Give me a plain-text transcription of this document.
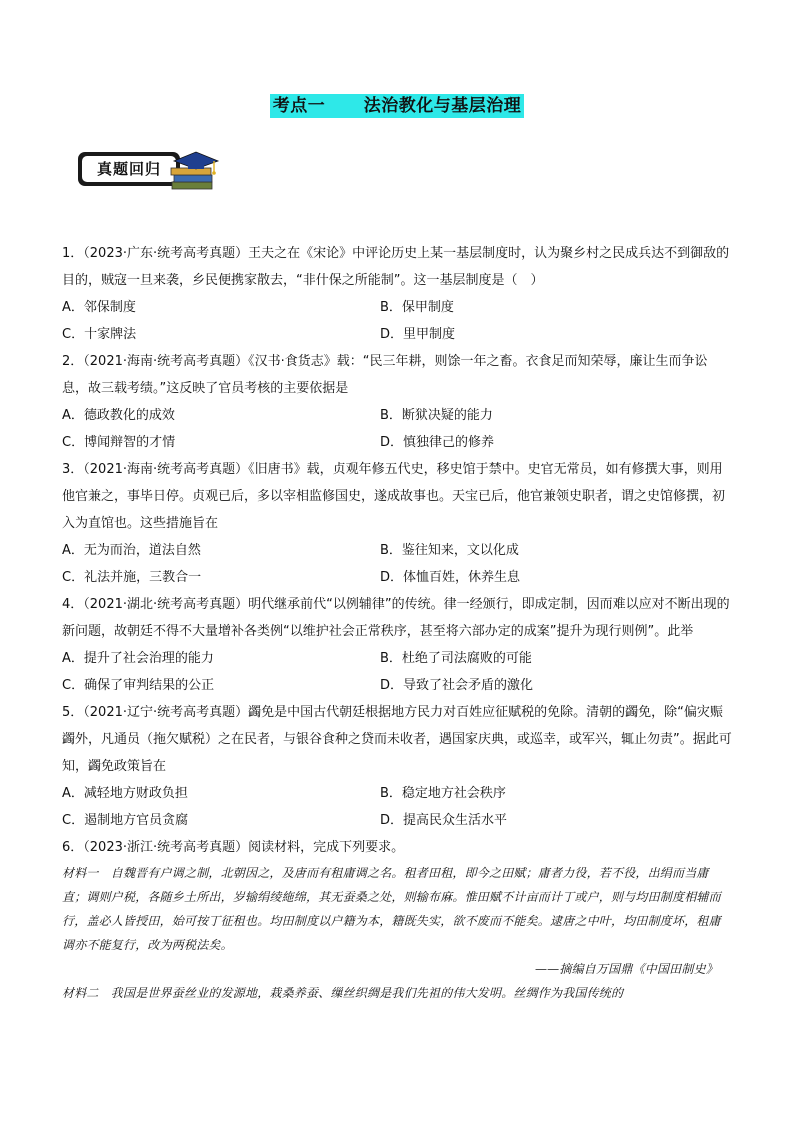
考点一      法治教化与基层治理
真题回归

1．（2023·广东·统考高考真题）王夫之在《宋论》中评论历史上某一基层制度时，认为聚乡村之民成兵达不到御敌的目的，贼寇一旦来袭，乡民便携家散去，“非什保之所能制”。这一基层制度是（　）

A．邻保制度	B．保甲制度

C．十家牌法	D．里甲制度

2．（2021·海南·统考高考真题）《汉书·食货志》载：“民三年耕，则馀一年之畜。衣食足而知荣辱，廉让生而争讼息，故三载考绩。”这反映了官员考核的主要依据是

A．德政教化的成效	B．断狱决疑的能力

C．博闻辩智的才情	D．慎独律己的修养

3．（2021·海南·统考高考真题）《旧唐书》载，贞观年修五代史，移史馆于禁中。史官无常员，如有修撰大事，则用他官兼之，事毕日停。贞观已后，多以宰相监修国史，遂成故事也。天宝已后，他官兼领史职者，谓之史馆修撰，初入为直馆也。这些措施旨在

A．无为而治，道法自然	B．鉴往知来，文以化成

C．礼法并施，三教合一	D．体恤百姓，休养生息

4．（2021·湖北·统考高考真题）明代继承前代“以例辅律”的传统。律一经颁行，即成定制，因而难以应对不断出现的新问题，故朝廷不得不大量增补各类例“以维护社会正常秩序，甚至将六部办定的成案”提升为现行则例”。此举

A．提升了社会治理的能力	B．杜绝了司法腐败的可能

C．确保了审判结果的公正	D．导致了社会矛盾的激化

5．（2021·辽宁·统考高考真题）蠲免是中国古代朝廷根据地方民力对百姓应征赋税的免除。清朝的蠲免，除“偏灾赈蠲外，凡通员（拖欠赋税）之在民者，与银谷食种之贷而未收者，遇国家庆典，或巡幸，或军兴，辄止勿责”。据此可知，蠲免政策旨在

A．减轻地方财政负担	B．稳定地方社会秩序

C．遏制地方官员贪腐	D．提高民众生活水平

6．（2023·浙江·统考高考真题）阅读材料，完成下列要求。

材料一　自魏晋有户调之制，北朝因之，及唐而有租庸调之名。租者田租，即今之田赋；庸者力役，若不役，出绢而当庸直；调则户税，各随乡土所出，岁输绢绫絁绵，其无蚕桑之处，则输布麻。惟田赋不计亩而计丁或户，则与均田制度相辅而行，盖必人皆授田，始可按丁征租也。均田制度以户籍为本，籍既失实，欲不废而不能矣。逮唐之中叶，均田制度坏，租庸调亦不能复行，改为两税法矣。

——摘编自万国鼎《中国田制史》

材料二　我国是世界蚕丝业的发源地，栽桑养蚕、缫丝织绸是我们先祖的伟大发明。丝绸作为我国传统的
